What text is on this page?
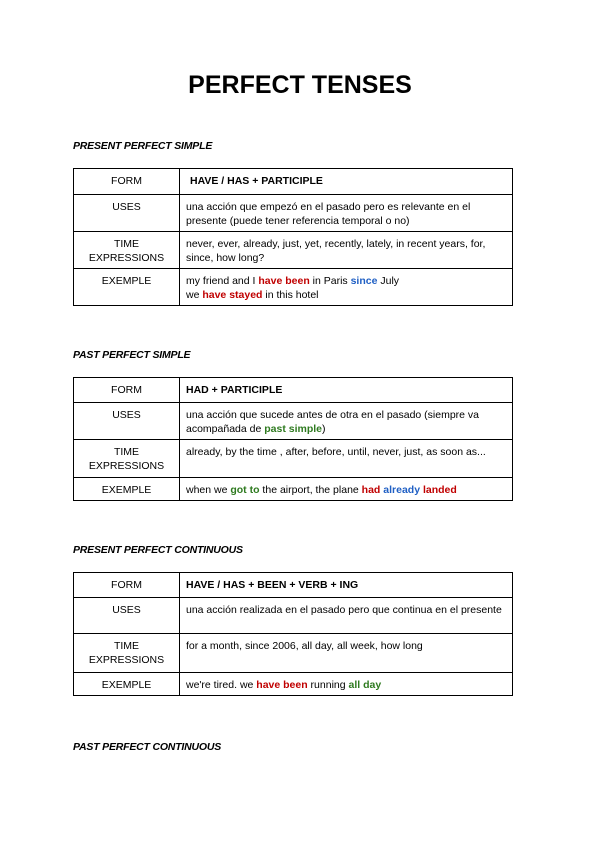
PERFECT TENSES
PRESENT PERFECT SIMPLE
FORM	HAVE / HAS + PARTICIPLE
USES	una acción que empezó en el pasado pero es relevante en el presente (puede tener referencia temporal o no)
TIME EXPRESSIONS	never, ever, already, just, yet, recently, lately, in recent years, for, since, how long?
EXEMPLE	my friend and I have been in Paris since July
we have stayed in this hotel
PAST PERFECT SIMPLE
FORM	HAD + PARTICIPLE
USES	una acción que sucede antes de otra en el pasado (siempre va acompañada de past simple)
TIME EXPRESSIONS	already, by the time , after, before, until, never, just, as soon as...
EXEMPLE	when we got to the airport, the plane had already landed
PRESENT PERFECT CONTINUOUS
FORM	HAVE / HAS + BEEN + VERB + ING
USES	una acción realizada en el pasado pero que continua en el presente
TIME EXPRESSIONS	for a month, since 2006, all day, all week, how long
EXEMPLE	we're tired. we have been running all day
PAST PERFECT CONTINUOUS
